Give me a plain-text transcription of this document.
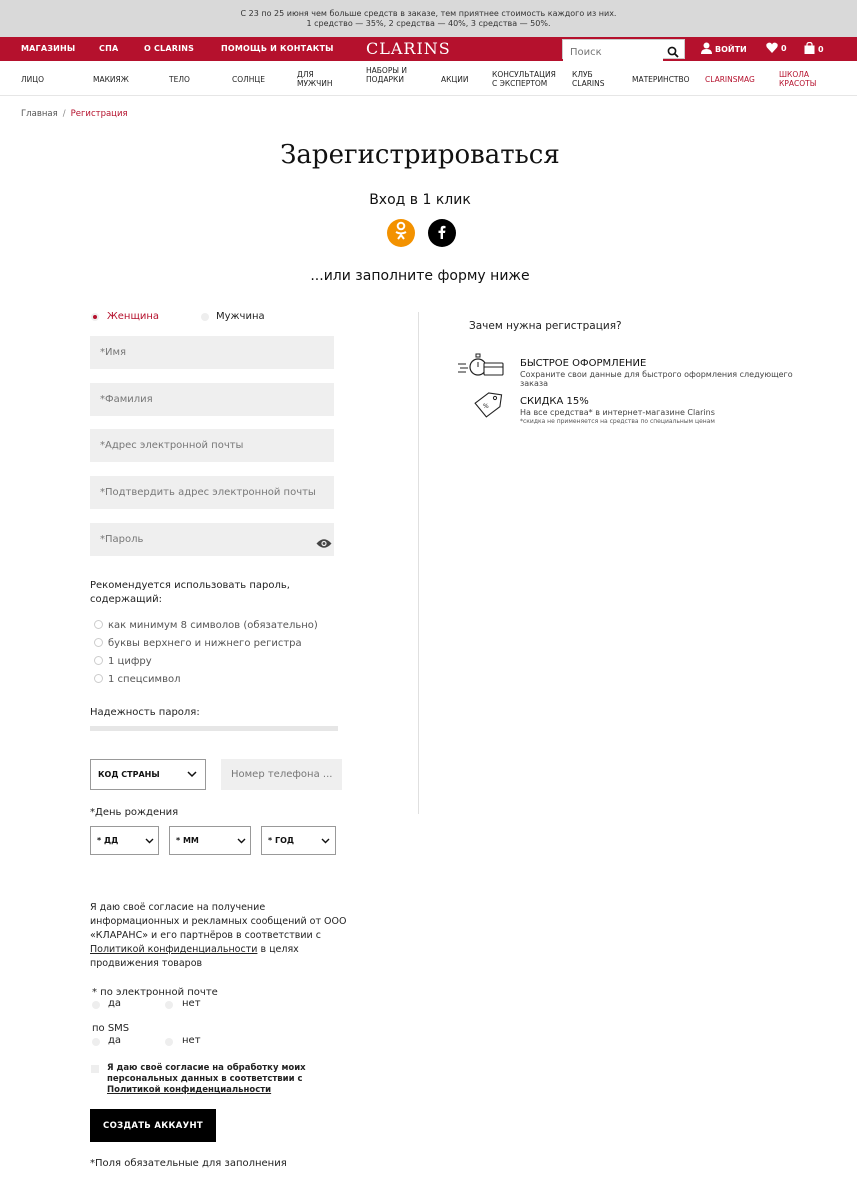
С 23 по 25 июня чем больше средств в заказе, тем приятнее стоимость каждого из них.
1 средство — 35%, 2 средства — 40%, 3 средства — 50%.
МАГАЗИНЫ	СПА	О CLARINS	ПОМОЩЬ И КОНТАКТЫ CLARINS
Поиск	ВОЙТИ	0	0
ЛИЦО	МАКИЯЖ	ТЕЛО	СОЛНЦЕ
ДЛЯ МУЖЧИН
НАБОРЫ И ПОДАРКИ	АКЦИИ
КОНСУЛЬТАЦИЯ С ЭКСПЕРТОМ
КЛУБ CLARINS	МАТЕРИНСТВО CLARINSMAG
ШКОЛА КРАСОТЫ
Главная / Регистрация
Зарегистрироваться
Вход в 1 клик
...или заполните форму ниже
Женщина	Мужчина
*Имя
*Фамилия
*Адрес электронной почты
*Подтвердить адрес электронной почты
*Пароль
Рекомендуется использовать пароль, содержащий:
как минимум 8 символов (обязательно)
буквы верхнего и нижнего регистра
1 цифру
1 спецсимвол
Надежность пароля:
КОД СТРАНЫ	Номер телефона ...
*День рождения
* ДД	* ММ	* ГОД
Я даю своё согласие на получение информационных и рекламных сообщений от ООО «КЛАРАНС» и его партнёров в соответствии с Политикой конфиденциальности в целях продвижения товаров
* по электронной почте
да	нет
по SMS
да	нет
Я даю своё согласие на обработку моих персональных данных в соответствии с Политикой конфиденциальности
СОЗДАТЬ АККАУНТ
*Поля обязательные для заполнения
Зачем нужна регистрация?
БЫСТРОЕ ОФОРМЛЕНИЕ
Сохраните свои данные для быстрого оформления следующего заказа
%	СКИДКА 15%
На все средства* в интернет-магазине Clarins
*скидка не применяется на средства по специальным ценам
